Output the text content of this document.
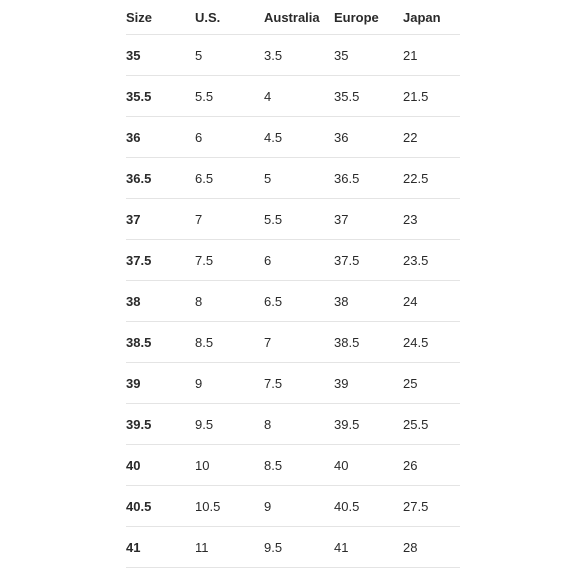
Size	U.S.	Australia	Europe	Japan
35	5	3.5	35	21
35.5	5.5	4	35.5	21.5
36	6	4.5	36	22
36.5	6.5	5	36.5	22.5
37	7	5.5	37	23
37.5	7.5	6	37.5	23.5
38	8	6.5	38	24
38.5	8.5	7	38.5	24.5
39	9	7.5	39	25
39.5	9.5	8	39.5	25.5
40	10	8.5	40	26
40.5	10.5	9	40.5	27.5
41	11	9.5	41	28
